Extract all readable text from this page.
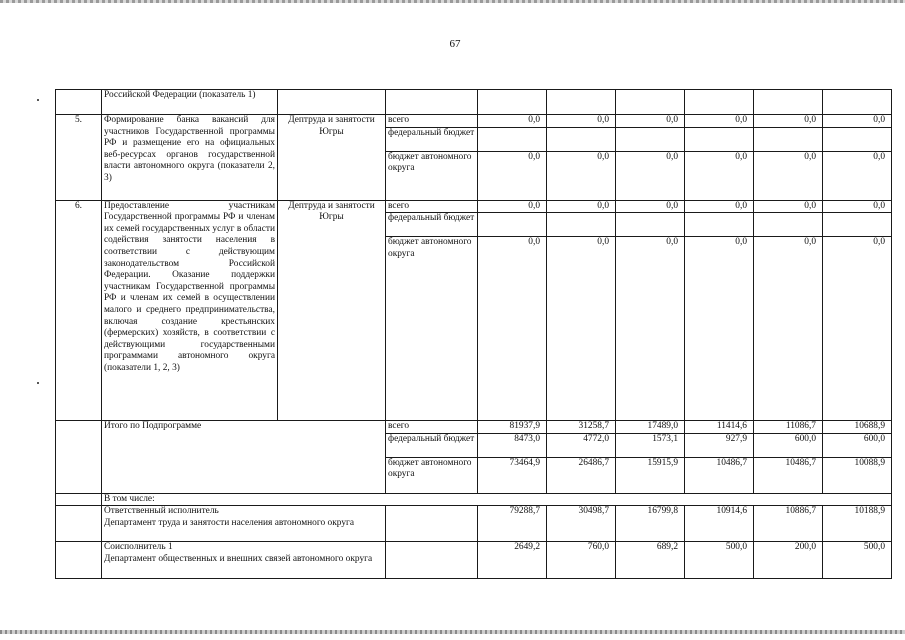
67
	Российской Федерации (показатель 1)								
5.	Формирование банка вакансий для участников Государственной программы РФ и размещение его на официальных веб-ресурсах органов государственной власти автономного округа (показатели 2, 3)	Дептруда и занятости Югры	всего	0,0	0,0	0,0	0,0	0,0	0,0
			федеральный бюджет						
			бюджет автономного округа	0,0	0,0	0,0	0,0	0,0	0,0
6.	Предоставление участникам Государственной программы РФ и членам их семей государственных услуг в области содействия занятости населения в соответствии с действующим законодательством Российской Федерации. Оказание поддержки участникам Государственной программы РФ и членам их семей в осуществлении малого и среднего предпринимательства, включая создание крестьянских (фермерских) хозяйств, в соответствии с действующими государственными программами автономного округа (показатели 1, 2, 3)	Дептруда и занятости Югры	всего	0,0	0,0	0,0	0,0	0,0	0,0
			федеральный бюджет						
			бюджет автономного округа	0,0	0,0	0,0	0,0	0,0	0,0
	Итого по Подпрограмме		всего	81937,9	31258,7	17489,0	11414,6	11086,7	10688,9
			федеральный бюджет	8473,0	4772,0	1573,1	927,9	600,0	600,0
			бюджет автономного округа	73464,9	26486,7	15915,9	10486,7	10486,7	10088,9
	В том числе:								

	Ответственный исполнитель
Департамент труда и занятости населения автономного округа			79288,7	30498,7	16799,8	10914,6	10886,7	10188,9

	Соисполнитель 1
Департамент общественных и внешних связей автономного округа			2649,2	760,0	689,2	500,0	200,0	500,0
